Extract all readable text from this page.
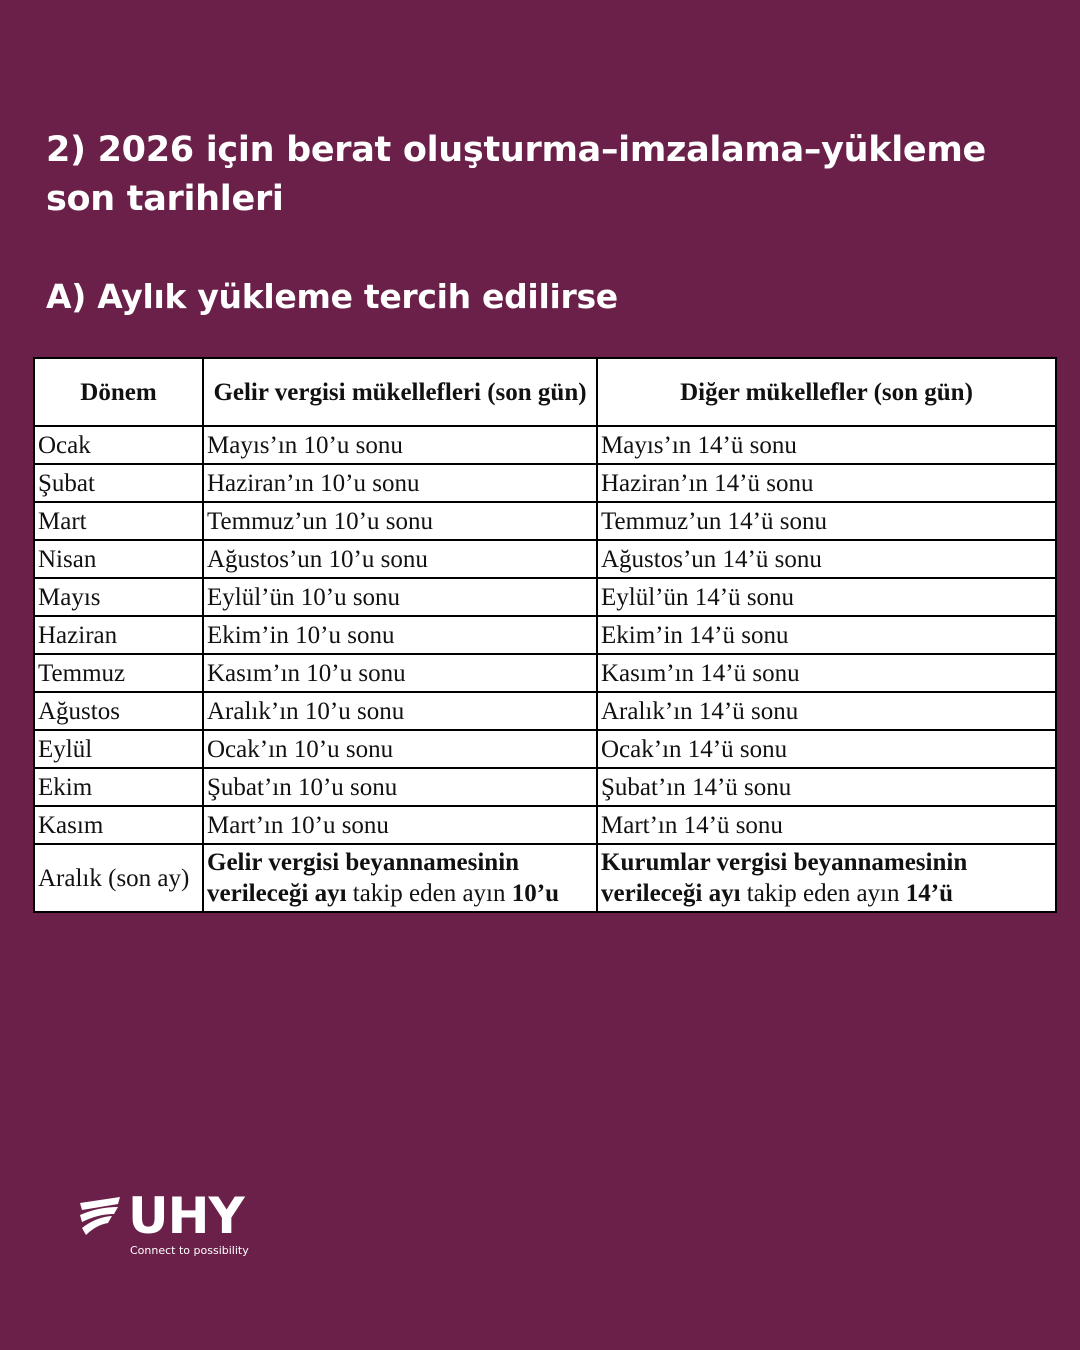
2) 2026 için berat oluşturma–imzalama–yükleme son tarihleri
A) Aylık yükleme tercih edilirse
Dönem	Gelir vergisi mükellefleri (son gün)	Diğer mükellefler (son gün)
Ocak	Mayıs’ın 10’u sonu	Mayıs’ın 14’ü sonu
Şubat	Haziran’ın 10’u sonu	Haziran’ın 14’ü sonu
Mart	Temmuz’un 10’u sonu	Temmuz’un 14’ü sonu
Nisan	Ağustos’un 10’u sonu	Ağustos’un 14’ü sonu
Mayıs	Eylül’ün 10’u sonu	Eylül’ün 14’ü sonu
Haziran	Ekim’in 10’u sonu	Ekim’in 14’ü sonu
Temmuz	Kasım’ın 10’u sonu	Kasım’ın 14’ü sonu
Ağustos	Aralık’ın 10’u sonu	Aralık’ın 14’ü sonu
Eylül	Ocak’ın 10’u sonu	Ocak’ın 14’ü sonu
Ekim	Şubat’ın 10’u sonu	Şubat’ın 14’ü sonu
Kasım	Mart’ın 10’u sonu	Mart’ın 14’ü sonu
Aralık (son ay)	Gelir vergisi beyannamesinin verileceği ayı takip eden ayın 10’u	Kurumlar vergisi beyannamesinin verileceği ayı takip eden ayın 14’ü
UHY
Connect to possibility
